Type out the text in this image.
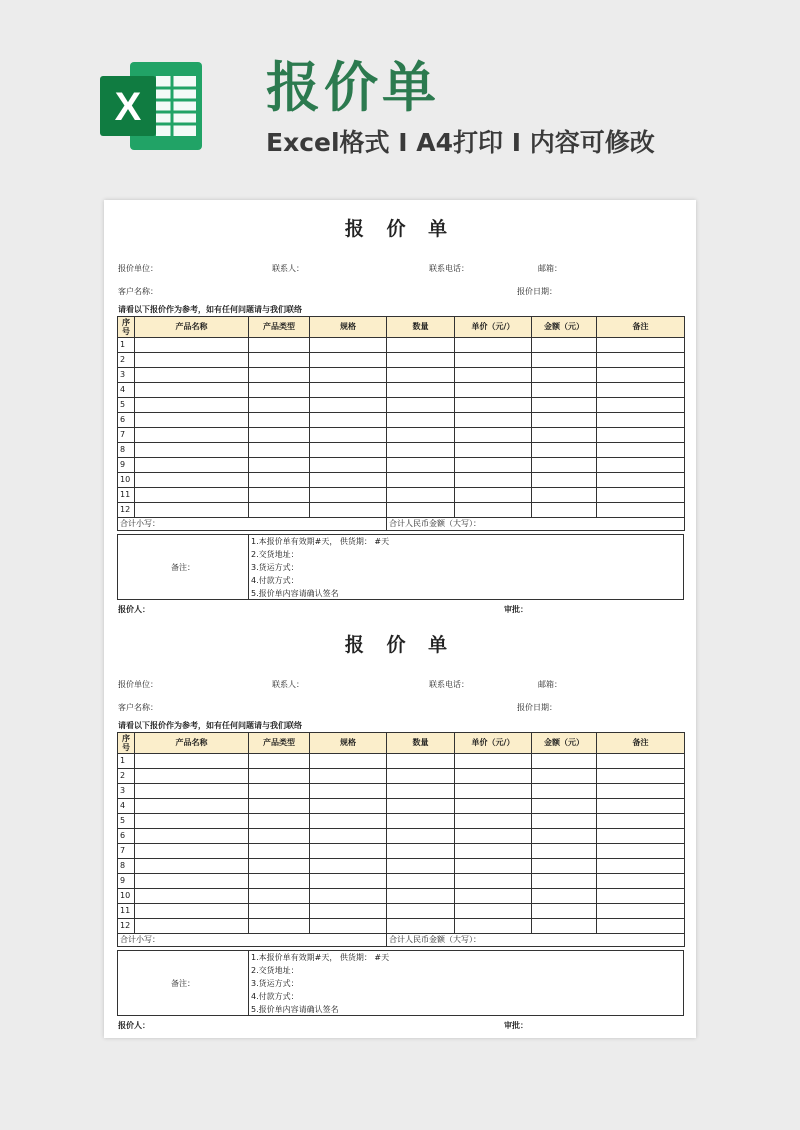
X 报价单
Excel格式 I A4打印 I 内容可修改
报 价 单
报价单位：	联系人：	联系电话：	邮箱：
客户名称：	报价日期：
请看以下报价作为参考，如有任何问题请与我们联络
序号	产品名称	产品类型	规格	数量	单价（元/）	金额（元）	备注
1							
2							
3							
4							
5							
6							
7							
8							
9							
10							
11							
12							
合计小写：				合计人民币金额（大写）：			
备注：
1.本报价单有效期#天， 供货期： #天
2.交货地址：
3.货运方式：
4.付款方式：
5.报价单内容请确认签名
报价人：	审批：
报 价 单
报价单位：	联系人：	联系电话：	邮箱：
客户名称：	报价日期：
请看以下报价作为参考，如有任何问题请与我们联络
序号	产品名称	产品类型	规格	数量	单价（元/）	金额（元）	备注
1							
2							
3							
4							
5							
6							
7							
8							
9							
10							
11							
12							
合计小写：				合计人民币金额（大写）：			
备注：
1.本报价单有效期#天， 供货期： #天
2.交货地址：
3.货运方式：
4.付款方式：
5.报价单内容请确认签名
报价人：	审批：
